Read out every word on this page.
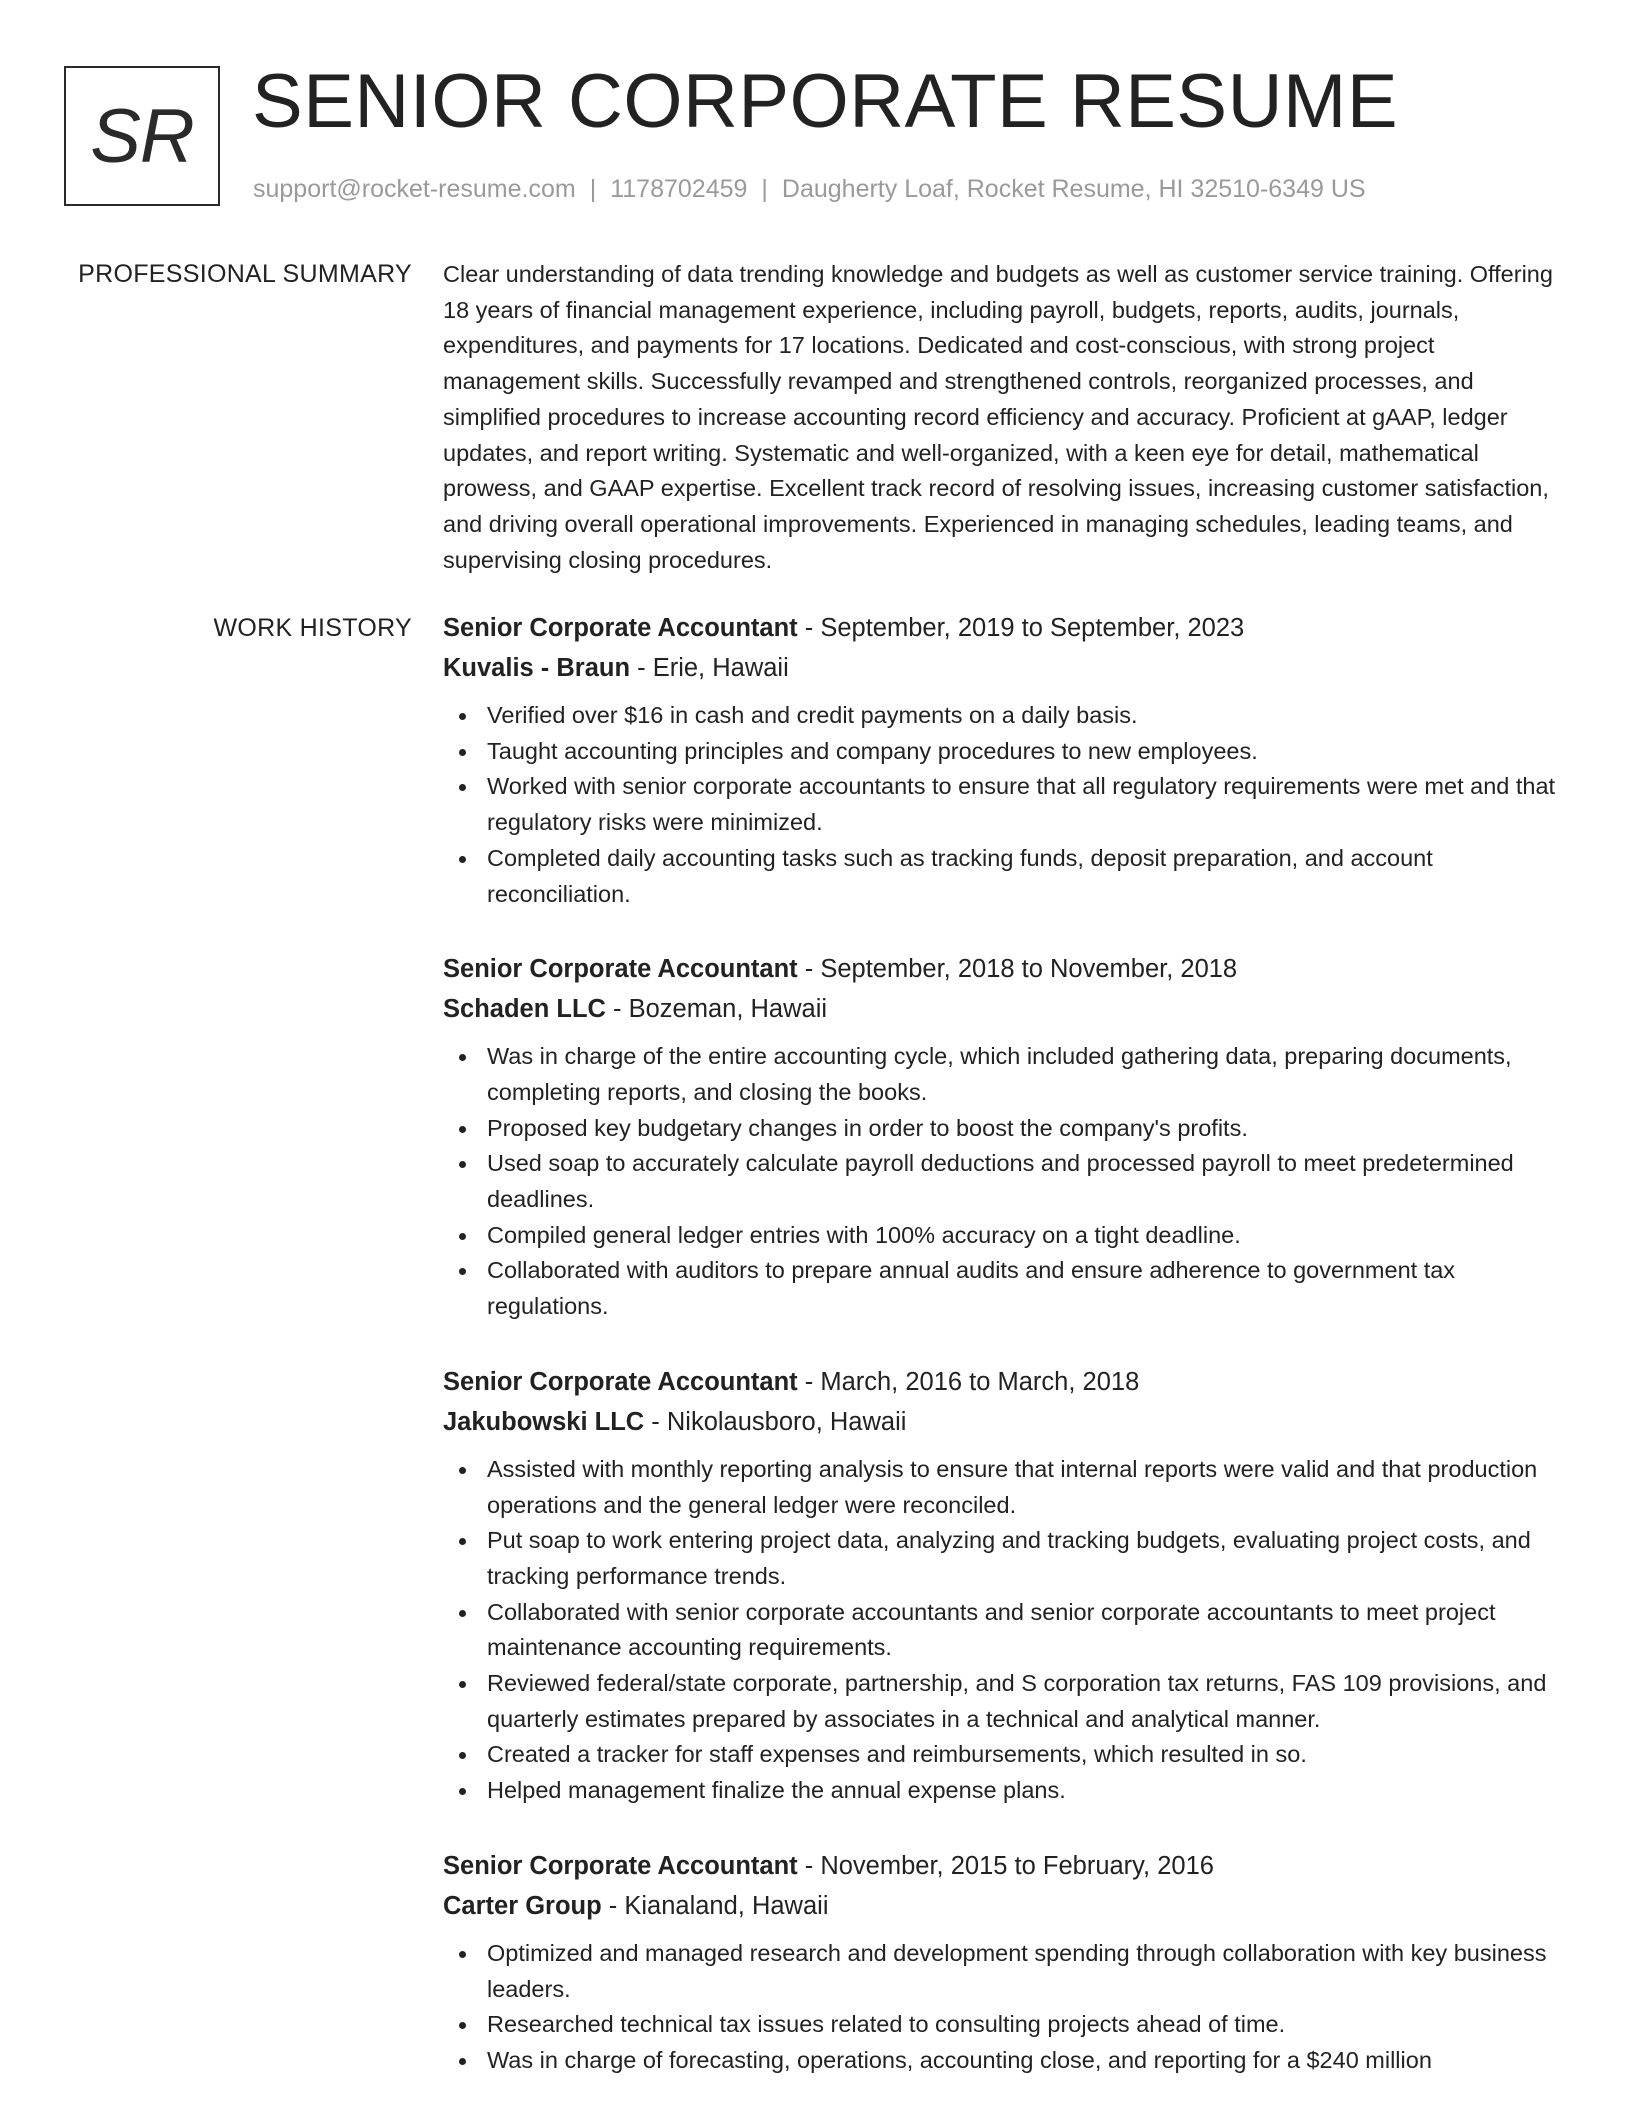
SR SENIOR CORPORATE RESUME
support@rocket-resume.com | 1178702459 | Daugherty Loaf, Rocket Resume, HI 32510-6349 US
PROFESSIONAL SUMMARY Clear understanding of data trending knowledge and budgets as well as customer service training. Offering 18 years of financial management experience, including payroll, budgets, reports, audits, journals, expenditures, and payments for 17 locations. Dedicated and cost-conscious, with strong project management skills. Successfully revamped and strengthened controls, reorganized processes, and simplified procedures to increase accounting record efficiency and accuracy. Proficient at gAAP, ledger updates, and report writing. Systematic and well-organized, with a keen eye for detail, mathematical prowess, and GAAP expertise. Excellent track record of resolving issues, increasing customer satisfaction, and driving overall operational improvements. Experienced in managing schedules, leading teams, and supervising closing procedures.

WORK HISTORY Senior Corporate Accountant - September, 2019 to September, 2023
Kuvalis - Braun - Erie, Hawaii
Verified over $16 in cash and credit payments on a daily basis.
Taught accounting principles and company procedures to new employees.
Worked with senior corporate accountants to ensure that all regulatory requirements were met and that regulatory risks were minimized.
Completed daily accounting tasks such as tracking funds, deposit preparation, and account reconciliation.
Senior Corporate Accountant - September, 2018 to November, 2018
Schaden LLC - Bozeman, Hawaii
Was in charge of the entire accounting cycle, which included gathering data, preparing documents, completing reports, and closing the books.
Proposed key budgetary changes in order to boost the company's profits.
Used soap to accurately calculate payroll deductions and processed payroll to meet predetermined deadlines.
Compiled general ledger entries with 100% accuracy on a tight deadline.
Collaborated with auditors to prepare annual audits and ensure adherence to government tax regulations.
Senior Corporate Accountant - March, 2016 to March, 2018
Jakubowski LLC - Nikolausboro, Hawaii
Assisted with monthly reporting analysis to ensure that internal reports were valid and that production operations and the general ledger were reconciled.
Put soap to work entering project data, analyzing and tracking budgets, evaluating project costs, and tracking performance trends.
Collaborated with senior corporate accountants and senior corporate accountants to meet project maintenance accounting requirements.
Reviewed federal/state corporate, partnership, and S corporation tax returns, FAS 109 provisions, and quarterly estimates prepared by associates in a technical and analytical manner.
Created a tracker for staff expenses and reimbursements, which resulted in so.
Helped management finalize the annual expense plans.
Senior Corporate Accountant - November, 2015 to February, 2016
Carter Group - Kianaland, Hawaii
Optimized and managed research and development spending through collaboration with key business leaders.
Researched technical tax issues related to consulting projects ahead of time.
Was in charge of forecasting, operations, accounting close, and reporting for a $240 million
